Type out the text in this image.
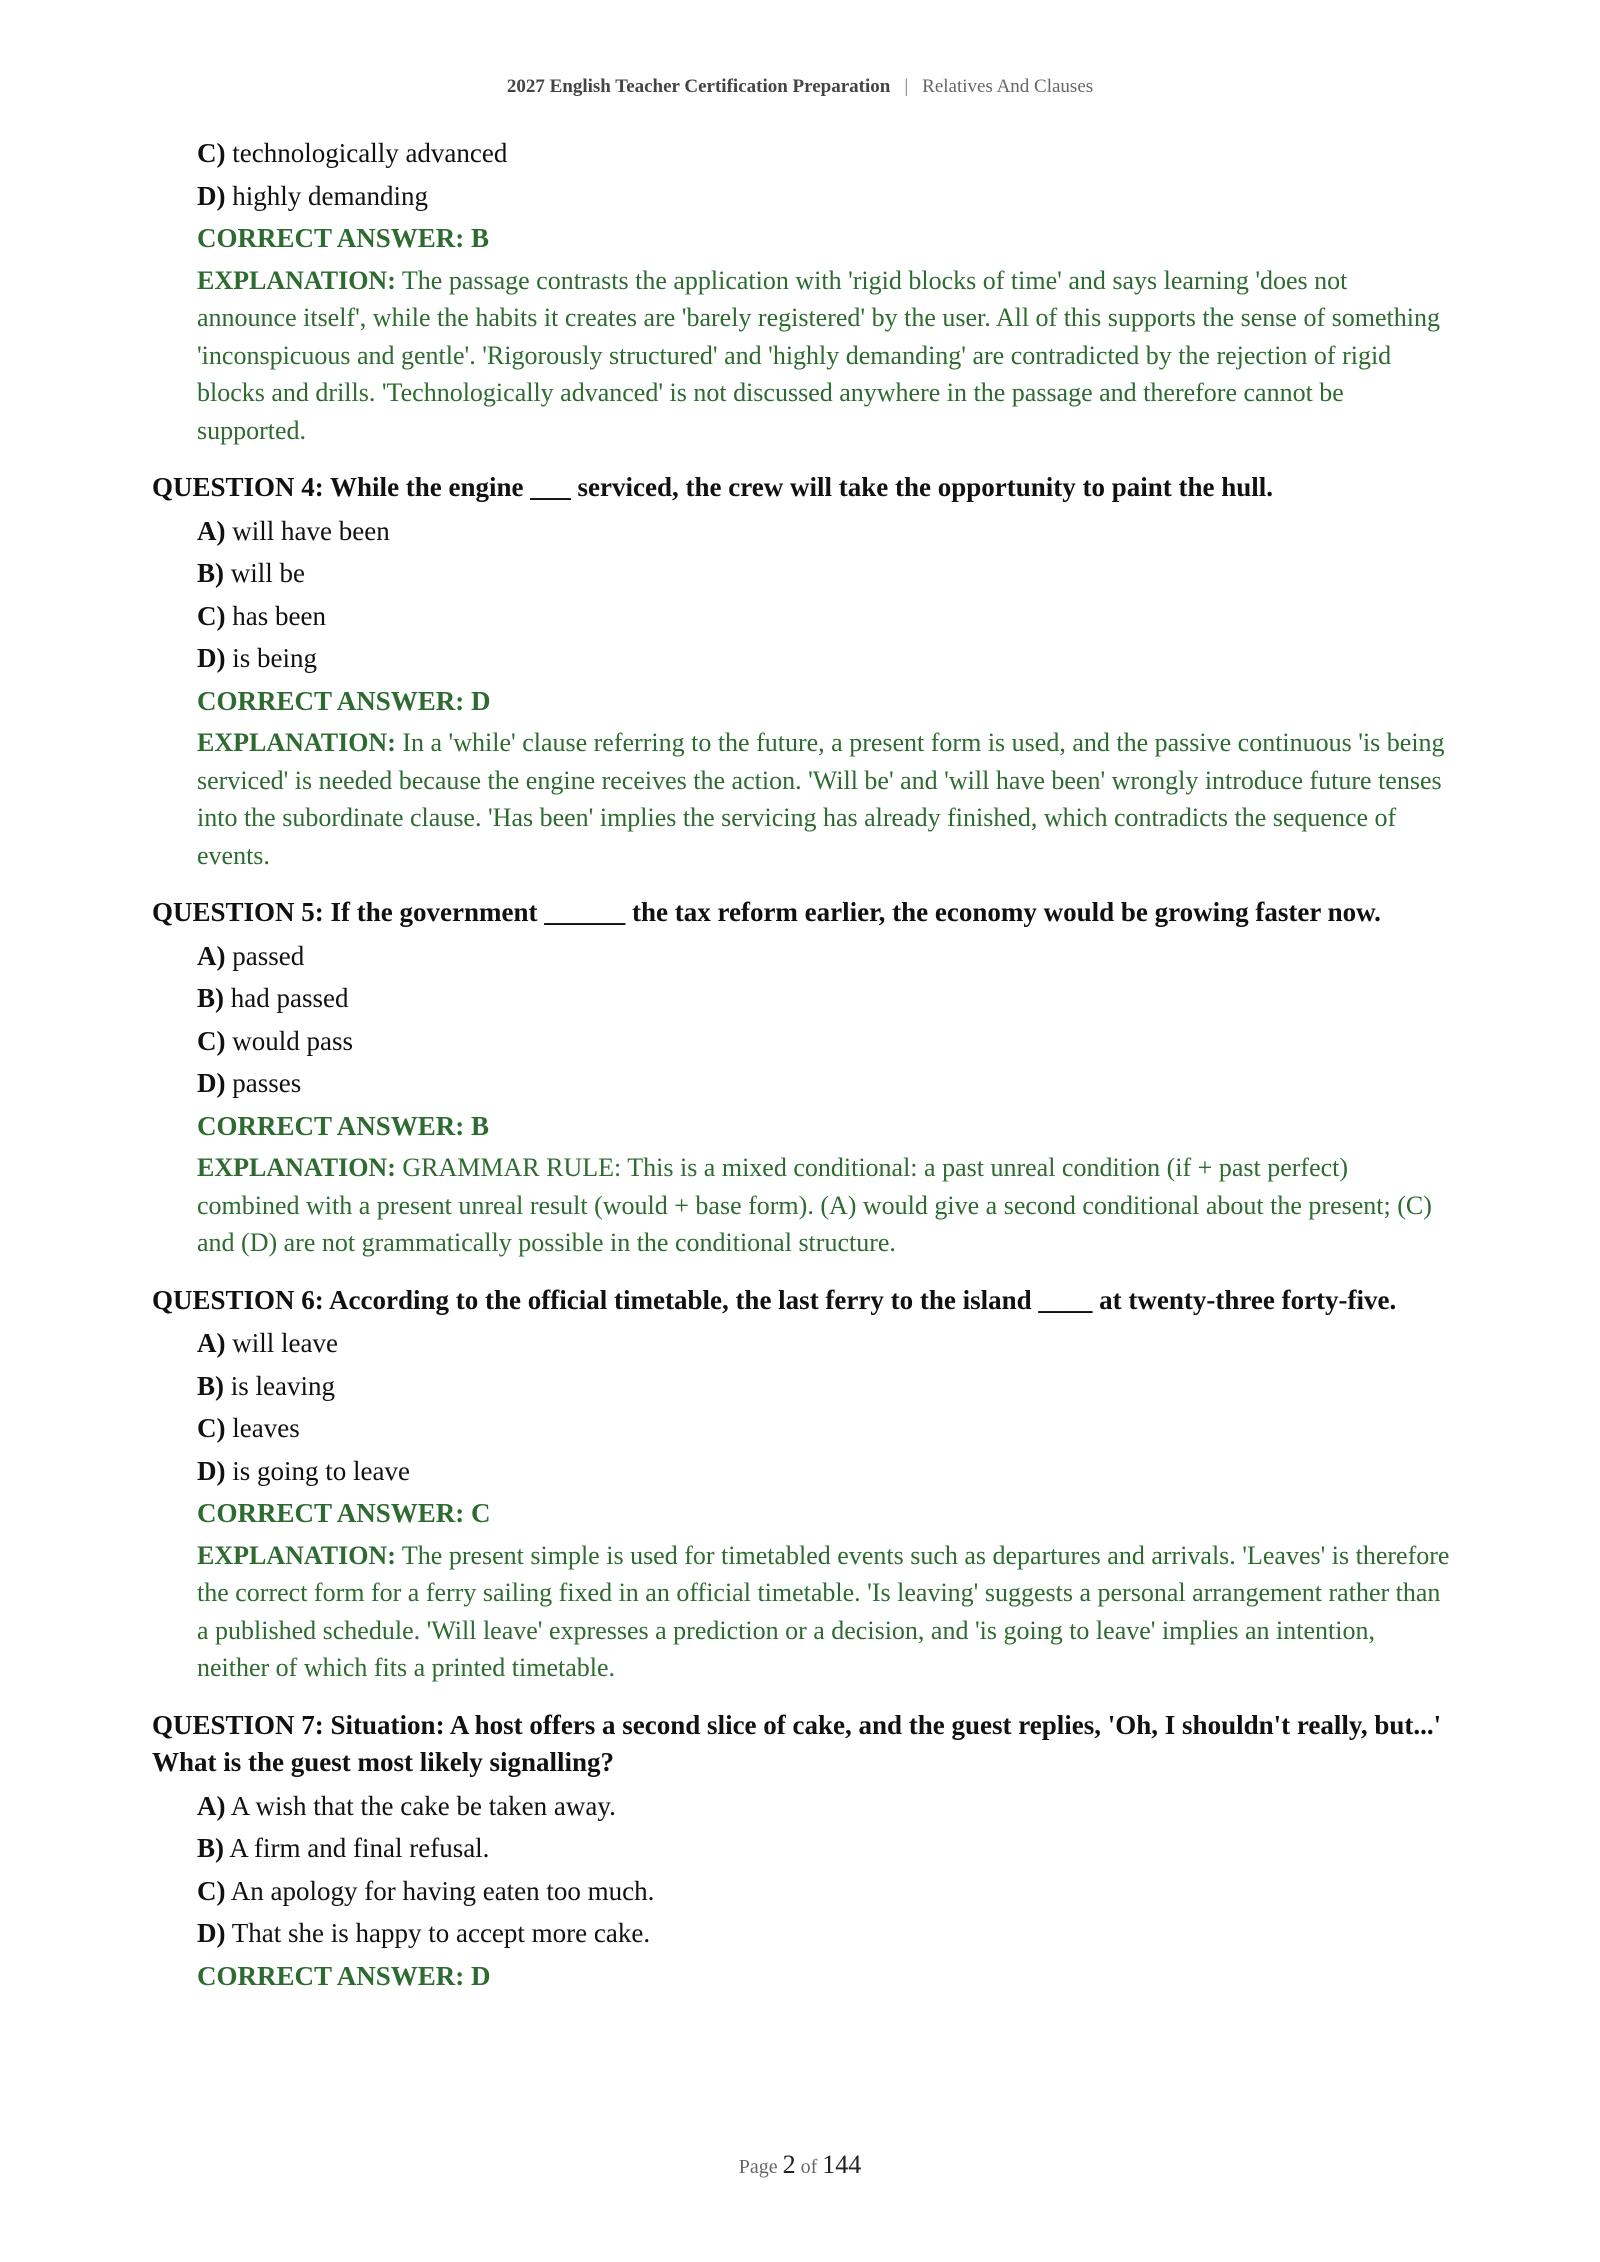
2027 English Teacher Certification Preparation | Relatives And Clauses
C) technologically advanced
D) highly demanding
CORRECT ANSWER: B
EXPLANATION: The passage contrasts the application with 'rigid blocks of time' and says learning 'does not announce itself', while the habits it creates are 'barely registered' by the user. All of this supports the sense of something 'inconspicuous and gentle'. 'Rigorously structured' and 'highly demanding' are contradicted by the rejection of rigid blocks and drills. 'Technologically advanced' is not discussed anywhere in the passage and therefore cannot be supported.
QUESTION 4: While the engine ___ serviced, the crew will take the opportunity to paint the hull.
A) will have been
B) will be
C) has been
D) is being
CORRECT ANSWER: D
EXPLANATION: In a 'while' clause referring to the future, a present form is used, and the passive continuous 'is being serviced' is needed because the engine receives the action. 'Will be' and 'will have been' wrongly introduce future tenses into the subordinate clause. 'Has been' implies the servicing has already finished, which contradicts the sequence of events.
QUESTION 5: If the government ______ the tax reform earlier, the economy would be growing faster now.
A) passed
B) had passed
C) would pass
D) passes
CORRECT ANSWER: B
EXPLANATION: GRAMMAR RULE: This is a mixed conditional: a past unreal condition (if + past perfect) combined with a present unreal result (would + base form). (A) would give a second conditional about the present; (C) and (D) are not grammatically possible in the conditional structure.
QUESTION 6: According to the official timetable, the last ferry to the island ____ at twenty-three forty-five.
A) will leave
B) is leaving
C) leaves
D) is going to leave
CORRECT ANSWER: C
EXPLANATION: The present simple is used for timetabled events such as departures and arrivals. 'Leaves' is therefore the correct form for a ferry sailing fixed in an official timetable. 'Is leaving' suggests a personal arrangement rather than a published schedule. 'Will leave' expresses a prediction or a decision, and 'is going to leave' implies an intention, neither of which fits a printed timetable.
QUESTION 7: Situation: A host offers a second slice of cake, and the guest replies, 'Oh, I shouldn't really, but...' What is the guest most likely signalling?
A) A wish that the cake be taken away.
B) A firm and final refusal.
C) An apology for having eaten too much.
D) That she is happy to accept more cake.
CORRECT ANSWER: D
Page 2 of 144
